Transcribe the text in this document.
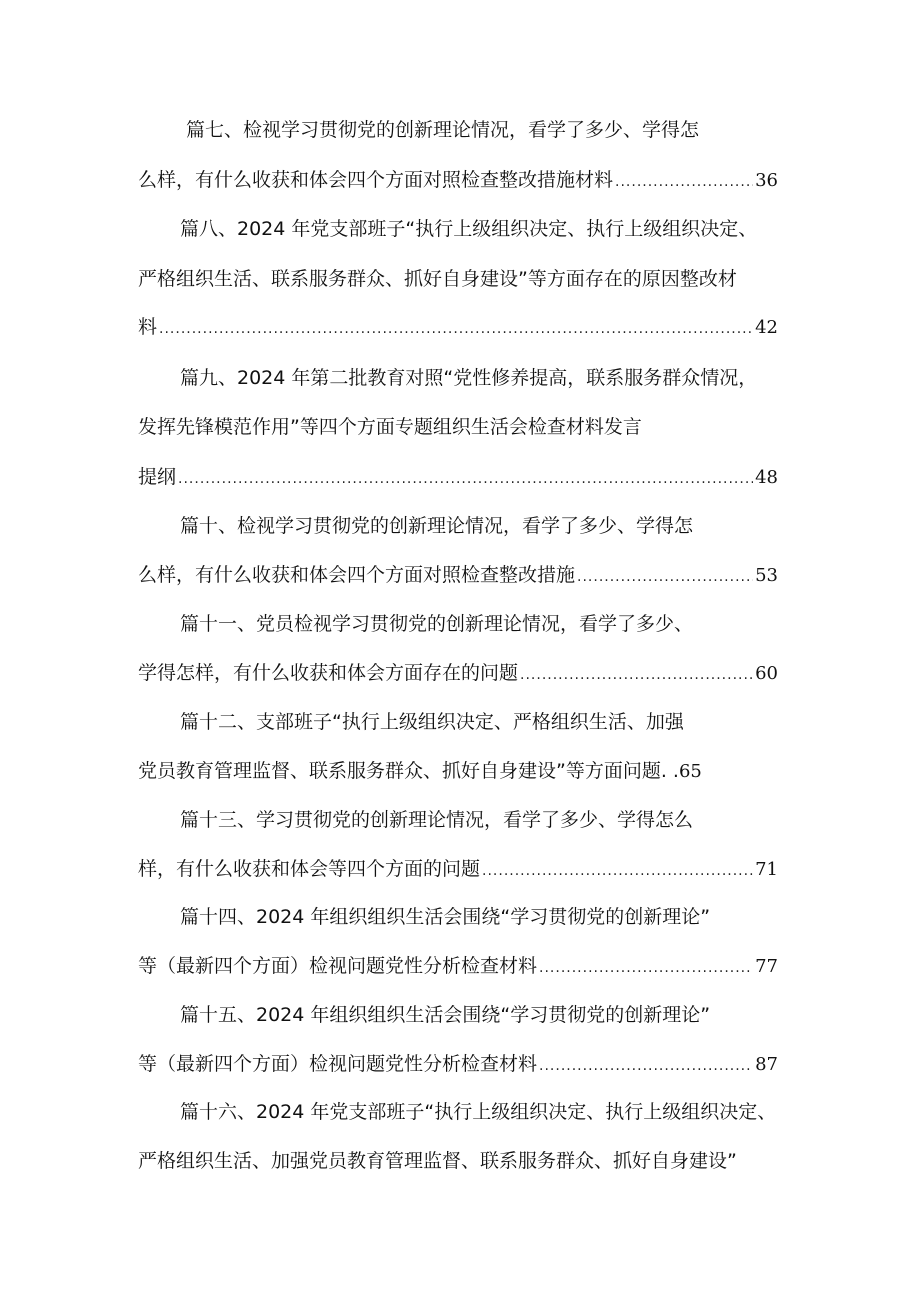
篇七、检视学习贯彻党的创新理论情况，看学了多少、学得怎
么样，有什么收获和体会四个方面对照检查整改措施材料 .....	36
篇八、2024 年党支部班子“执行上级组织决定、执行上级组织决定、
严格组织生活、联系服务群众、抓好自身建设”等方面存在的原因整改材
料 .....	42
篇九、2024 年第二批教育对照“党性修养提高，联系服务群众情况，
发挥先锋模范作用”等四个方面专题组织生活会检查材料发言
提纲 .....	48
篇十、检视学习贯彻党的创新理论情况，看学了多少、学得怎
么样，有什么收获和体会四个方面对照检查整改措施 .....	53
篇十一、党员检视学习贯彻党的创新理论情况，看学了多少、
学得怎样，有什么收获和体会方面存在的问题 .....	60
篇十二、支部班子“执行上级组织决定、严格组织生活、加强
党员教育管理监督、联系服务群众、抓好自身建设”等方面问题. .65
篇十三、学习贯彻党的创新理论情况，看学了多少、学得怎么
样，有什么收获和体会等四个方面的问题 .....	71
篇十四、2024 年组织组织生活会围绕“学习贯彻党的创新理论”
等（最新四个方面）检视问题党性分析检查材料 .....	77
篇十五、2024 年组织组织生活会围绕“学习贯彻党的创新理论”
等（最新四个方面）检视问题党性分析检查材料 .....	87
篇十六、2024 年党支部班子“执行上级组织决定、执行上级组织决定、
严格组织生活、加强党员教育管理监督、联系服务群众、抓好自身建设”
